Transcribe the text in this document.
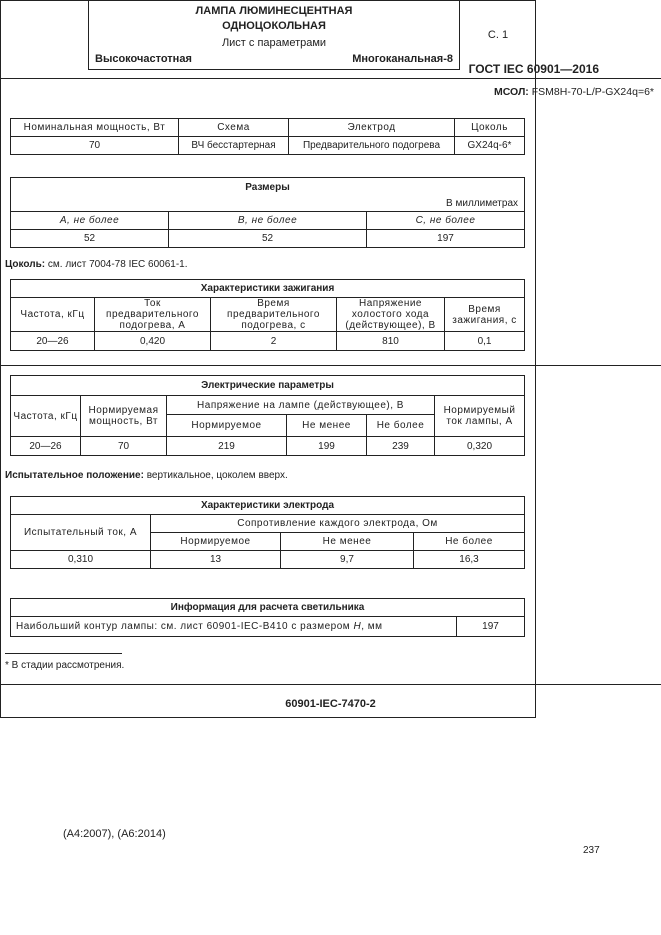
ГОСТ IEC 60901—2016
ЛАМПА ЛЮМИНЕСЦЕНТНАЯ
ОДНОЦОКОЛЬНАЯ
Лист с параметрами
Высокочастотная	Многоканальная-8
С. 1
МСОЛ: FSM8H-70-L/P-GX24q=6*
Номинальная мощность, Вт	Схема	Электрод	Цоколь
70	ВЧ бесстартерная	Предварительного подогрева	GX24q-6*
Размеры		
В миллиметрах		
A, не более	B, не более	C, не более
52	52	197
Цоколь: см. лист 7004-78 IEC 60061-1.
Характеристики зажигания				
Частота, кГц	Ток предварительного подогрева, А	Время предварительного подогрева, с	Напряжение холостого хода (действующее), В	Время зажигания, с
20—26	0,420	2	810	0,1
Электрические параметры					
Частота, кГц	Нормируемая мощность, Вт	Напряжение на лампе (действующее), В			Нормируемый ток лампы, А
		Нормируемое	Не менее	Не более	
20—26	70	219	199	239	0,320
Испытательное положение: вертикальное, цоколем вверх.
Характеристики электрода			
Испытательный ток, А	Сопротивление каждого электрода, Ом		
	Нормируемое	Не менее	Не более
0,310	13	9,7	16,3
Информация для расчета светильника
Наибольший контур лампы: см. лист 60901-IEC-B410 с размером H, мм	197
* В стадии рассмотрения.
60901-IEC-7470-2
(A4:2007), (A6:2014)
237
